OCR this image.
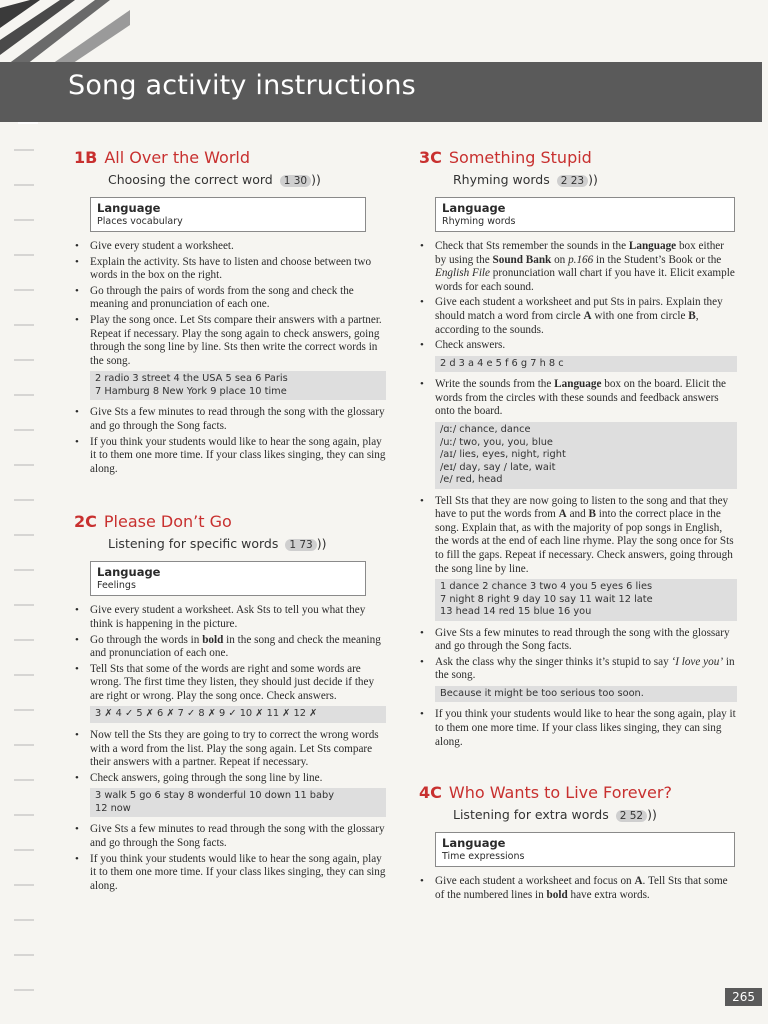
Song activity instructions
1B All Over the World
Choosing the correct word 1 30 ))
Language
Places vocabulary
• Give every student a worksheet.
• Explain the activity. Sts have to listen and choose between two words in the box on the right.
• Go through the pairs of words from the song and check the meaning and pronunciation of each one.
• Play the song once. Let Sts compare their answers with a partner. Repeat if necessary. Play the song again to check answers, going through the song line by line. Sts then write the correct words in the song.
2 radio 3 street 4 the USA 5 sea 6 Paris
7 Hamburg 8 New York 9 place 10 time
• Give Sts a few minutes to read through the song with the glossary and go through the Song facts.
• If you think your students would like to hear the song again, play it to them one more time. If your class likes singing, they can sing along.
2C Please Don’t Go
Listening for specific words 1 73 ))
Language
Feelings
• Give every student a worksheet. Ask Sts to tell you what they think is happening in the picture.
• Go through the words in bold in the song and check the meaning and pronunciation of each one.
• Tell Sts that some of the words are right and some words are wrong. The first time they listen, they should just decide if they are right or wrong. Play the song once. Check answers.
3 ✗ 4 ✓ 5 ✗ 6 ✗ 7 ✓ 8 ✗ 9 ✓ 10 ✗ 11 ✗ 12 ✗
• Now tell the Sts they are going to try to correct the wrong words with a word from the list. Play the song again. Let Sts compare their answers with a partner. Repeat if necessary.
• Check answers, going through the song line by line.
3 walk 5 go 6 stay 8 wonderful 10 down 11 baby
12 now
• Give Sts a few minutes to read through the song with the glossary and go through the Song facts.
• If you think your students would like to hear the song again, play it to them one more time. If your class likes singing, they can sing along.
3C Something Stupid
Rhyming words 2 23 ))
Language
Rhyming words
• Check that Sts remember the sounds in the Language box either by using the Sound Bank on p.166 in the Student’s Book or the English File pronunciation wall chart if you have it. Elicit example words for each sound.
• Give each student a worksheet and put Sts in pairs. Explain they should match a word from circle A with one from circle B, according to the sounds.
• Check answers.
2 d 3 a 4 e 5 f 6 g 7 h 8 c
• Write the sounds from the Language box on the board. Elicit the words from the circles with these sounds and feedback answers onto the board.
/ɑː/ chance, dance
/uː/ two, you, you, blue
/aɪ/ lies, eyes, night, right
/eɪ/ day, say / late, wait
/e/ red, head
• Tell Sts that they are now going to listen to the song and that they have to put the words from A and B into the correct place in the song. Explain that, as with the majority of pop songs in English, the words at the end of each line rhyme. Play the song once for Sts to fill the gaps. Repeat if necessary. Check answers, going through the song line by line.
1 dance 2 chance 3 two 4 you 5 eyes 6 lies
7 night 8 right 9 day 10 say 11 wait 12 late
13 head 14 red 15 blue 16 you
• Give Sts a few minutes to read through the song with the glossary and go through the Song facts.
• Ask the class why the singer thinks it’s stupid to say ‘I love you’ in the song.
Because it might be too serious too soon.
• If you think your students would like to hear the song again, play it to them one more time. If your class likes singing, they can sing along.
4C Who Wants to Live Forever?
Listening for extra words 2 52 ))
Language
Time expressions
• Give each student a worksheet and focus on A. Tell Sts that some of the numbered lines in bold have extra words.
265
